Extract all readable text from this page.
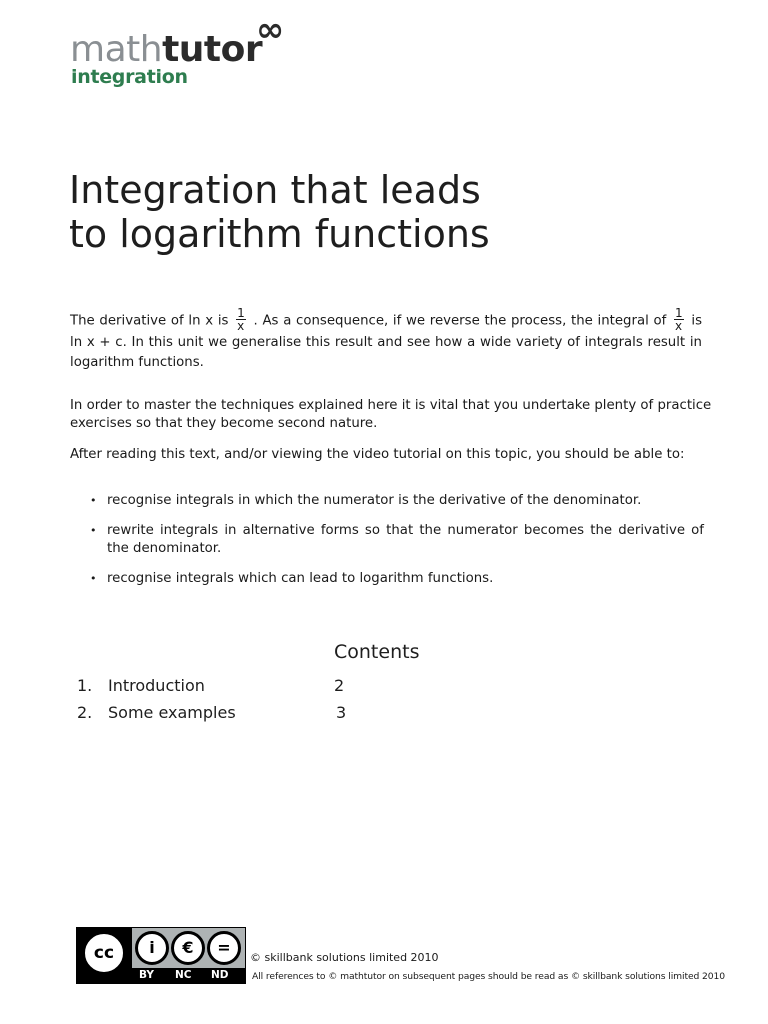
mathtutor
∞
integration
Integration that leads
to logarithm functions
The derivative of ln x is $\frac{1}{x}$ . As a consequence, if we reverse the process, the integral of $\frac{1}{x}$ is
ln x + c. In this unit we generalise this result and see how a wide variety of integrals result in
logarithm functions.
In order to master the techniques explained here it is vital that you undertake plenty of practice
exercises so that they become second nature.
After reading this text, and/or viewing the video tutorial on this topic, you should be able to:
• recognise integrals in which the numerator is the derivative of the denominator.
• rewrite integrals in alternative forms so that the numerator becomes the derivative of the denominator.
• recognise integrals which can lead to logarithm functions.
Contents
1. Introduction	2
2. Some examples	3
cc	i	€	=
BY NC ND
© skillbank solutions limited 2010
All references to © mathtutor on subsequent pages should be read as © skillbank solutions limited 2010
